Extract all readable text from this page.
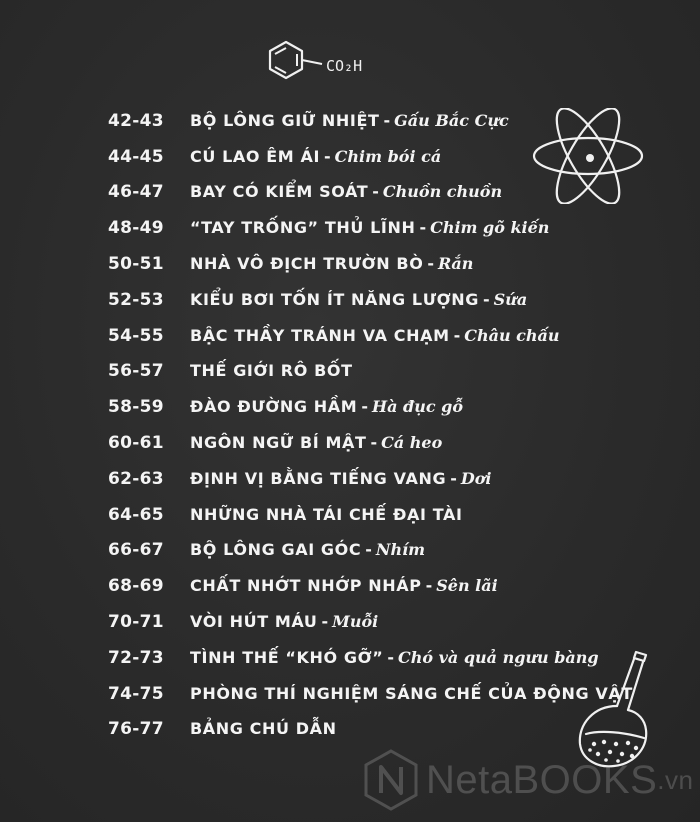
CO₂H
42-43	BỘ LÔNG GIỮ NHIỆT - Gấu Bắc Cực
44-45	CÚ LAO ÊM ÁI - Chim bói cá
46-47	BAY CÓ KIỂM SOÁT - Chuồn chuồn
48-49	“TAY TRỐNG” THỦ LĨNH - Chim gõ kiến
50-51	NHÀ VÔ ĐỊCH TRƯỜN BÒ - Rắn
52-53	KIỂU BƠI TỐN ÍT NĂNG LƯỢNG - Sứa
54-55	BẬC THẦY TRÁNH VA CHẠM - Châu chấu
56-57	THẾ GIỚI RÔ BỐT
58-59	ĐÀO ĐƯỜNG HẦM - Hà đục gỗ
60-61	NGÔN NGỮ BÍ MẬT - Cá heo
62-63	ĐỊNH VỊ BẰNG TIẾNG VANG - Dơi
64-65	NHỮNG NHÀ TÁI CHẾ ĐẠI TÀI
66-67	BỘ LÔNG GAI GÓC - Nhím
68-69	CHẤT NHỚT NHỚP NHÁP - Sên lãi
70-71	VÒI HÚT MÁU - Muỗi
72-73	TÌNH THẾ “KHÓ GỠ” - Chó và quả ngưu bàng
74-75	PHÒNG THÍ NGHIỆM SÁNG CHẾ CỦA ĐỘNG VẬT
76-77	BẢNG CHÚ DẪN
NetaBOOKS .vn
